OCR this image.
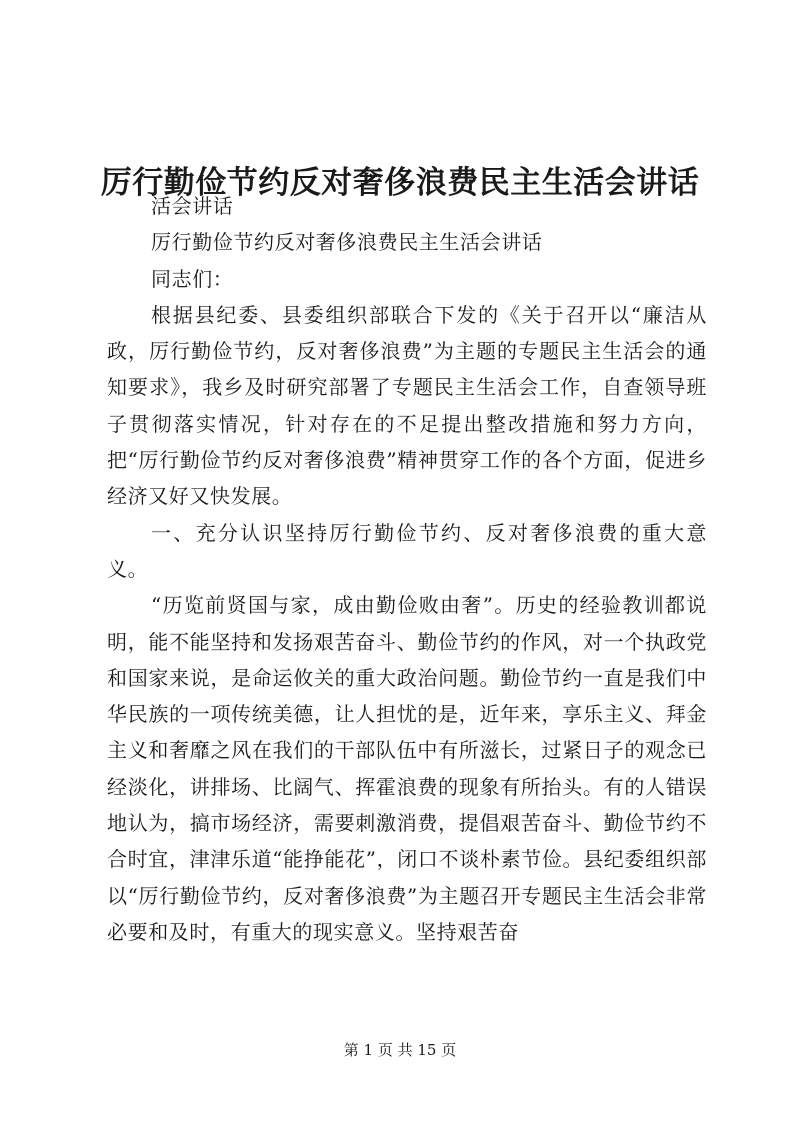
厉行勤俭节约反对奢侈浪费民主生活会讲话

活会讲话

厉行勤俭节约反对奢侈浪费民主生活会讲话

同志们：

根据县纪委、县委组织部联合下发的《关于召开以“廉洁从政，厉行勤俭节约，反对奢侈浪费”为主题的专题民主生活会的通知要求》，我乡及时研究部署了专题民主生活会工作，自查领导班子贯彻落实情况，针对存在的不足提出整改措施和努力方向，把“厉行勤俭节约反对奢侈浪费”精神贯穿工作的各个方面，促进乡经济又好又快发展。

一、充分认识坚持厉行勤俭节约、反对奢侈浪费的重大意义。

“历览前贤国与家，成由勤俭败由奢”。历史的经验教训都说明，能不能坚持和发扬艰苦奋斗、勤俭节约的作风，对一个执政党和国家来说，是命运攸关的重大政治问题。勤俭节约一直是我们中华民族的一项传统美德，让人担忧的是，近年来，享乐主义、拜金主义和奢靡之风在我们的干部队伍中有所滋长，过紧日子的观念已经淡化，讲排场、比阔气、挥霍浪费的现象有所抬头。有的人错误地认为，搞市场经济，需要刺激消费，提倡艰苦奋斗、勤俭节约不合时宜，津津乐道“能挣能花”，闭口不谈朴素节俭。县纪委组织部以“厉行勤俭节约，反对奢侈浪费”为主题召开专题民主生活会非常必要和及时，有重大的现实意义。坚持艰苦奋

第 1 页 共 15 页
